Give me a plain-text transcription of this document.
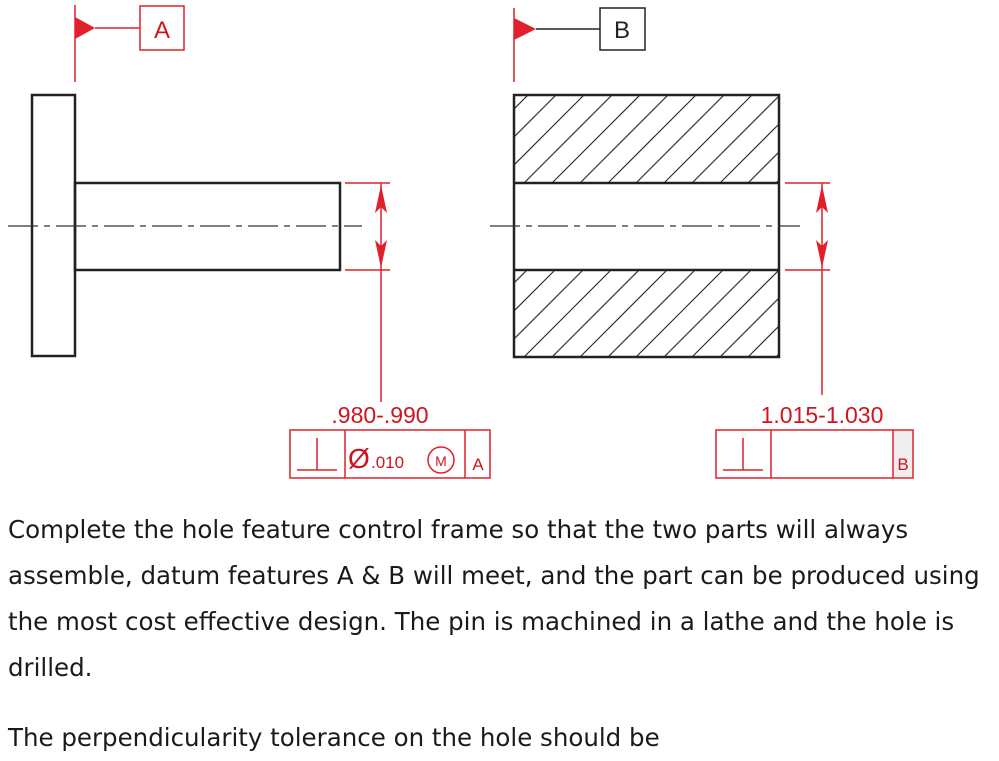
A
.980-.990
Ø .010 M A
B
1.015-1.030
B
Complete the hole feature control frame so that the two parts will always assemble, datum features A & B will meet, and the part can be produced using the most cost effective design. The pin is machined in a lathe and the hole is drilled.
The perpendicularity tolerance on the hole should be
